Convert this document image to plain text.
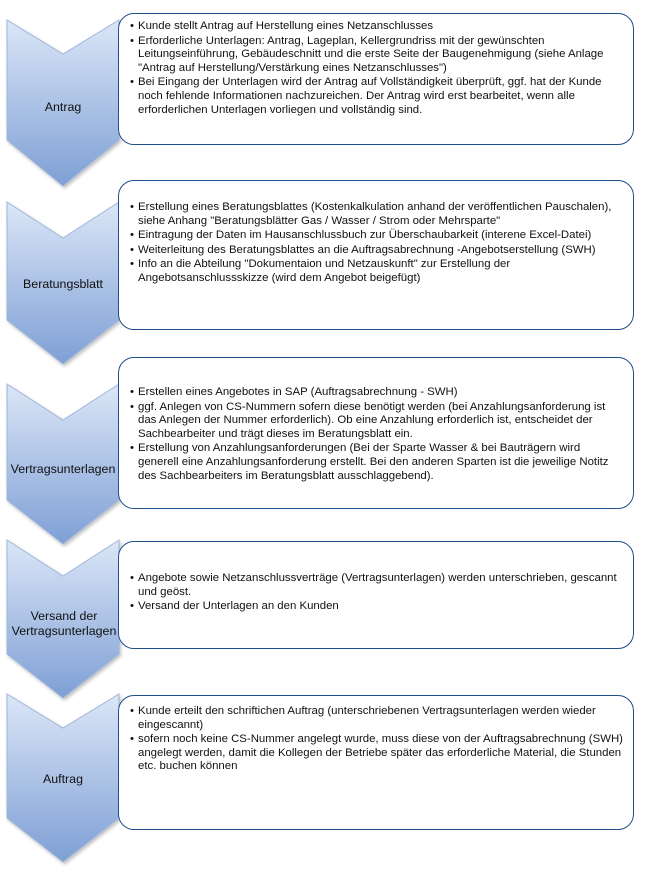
Antrag
• Kunde stellt Antrag auf Herstellung eines Netzanschlusses
• Erforderliche Unterlagen: Antrag, Lageplan, Kellergrundriss mit der gewünschten Leitungseinführung, Gebäudeschnitt und die erste Seite der Baugenehmigung (siehe Anlage "Antrag auf Herstellung/Verstärkung eines Netzanschlusses")
• Bei Eingang der Unterlagen wird der Antrag auf Vollständigkeit überprüft, ggf. hat der Kunde noch fehlende Informationen nachzureichen. Der Antrag wird erst bearbeitet, wenn alle erforderlichen Unterlagen vorliegen und vollständig sind.
Beratungsblatt
• Erstellung eines Beratungsblattes (Kostenkalkulation anhand der veröffentlichen Pauschalen), siehe Anhang "Beratungsblätter Gas / Wasser / Strom oder Mehrsparte"
• Eintragung der Daten im Hausanschlussbuch zur Überschaubarkeit (interene Excel-Datei)
• Weiterleitung des Beratungsblattes an die Auftragsabrechnung -Angebotserstellung (SWH)
• Info an die Abteilung "Dokumentaion und Netzauskunft" zur Erstellung der Angebotsanschlussskizze (wird dem Angebot beigefügt)
Vertragsunterlagen
• Erstellen eines Angebotes in SAP (Auftragsabrechnung - SWH)
• ggf. Anlegen von CS-Nummern sofern diese benötigt werden (bei Anzahlungsanforderung ist das Anlegen der Nummer erforderlich). Ob eine Anzahlung erforderlich ist, entscheidet der Sachbearbeiter und trägt dieses im Beratungsblatt ein.
• Erstellung von Anzahlungsanforderungen (Bei der Sparte Wasser & bei Bauträgern wird generell eine Anzahlungsanforderung erstellt. Bei den anderen Sparten ist die jeweilige Notitz des Sachbearbeiters im Beratungsblatt ausschlaggebend).
Versand der Vertragsunterlagen
• Angebote sowie Netzanschlussverträge (Vertragsunterlagen) werden unterschrieben, gescannt und geöst.
• Versand der Unterlagen an den Kunden
Auftrag
• Kunde erteilt den schriftichen Auftrag (unterschriebenen Vertragsunterlagen werden wieder eingescannt)
• sofern noch keine CS-Nummer angelegt wurde, muss diese von der Auftragsabrechnung (SWH) angelegt werden, damit die Kollegen der Betriebe später das erforderliche Material, die Stunden etc. buchen können
